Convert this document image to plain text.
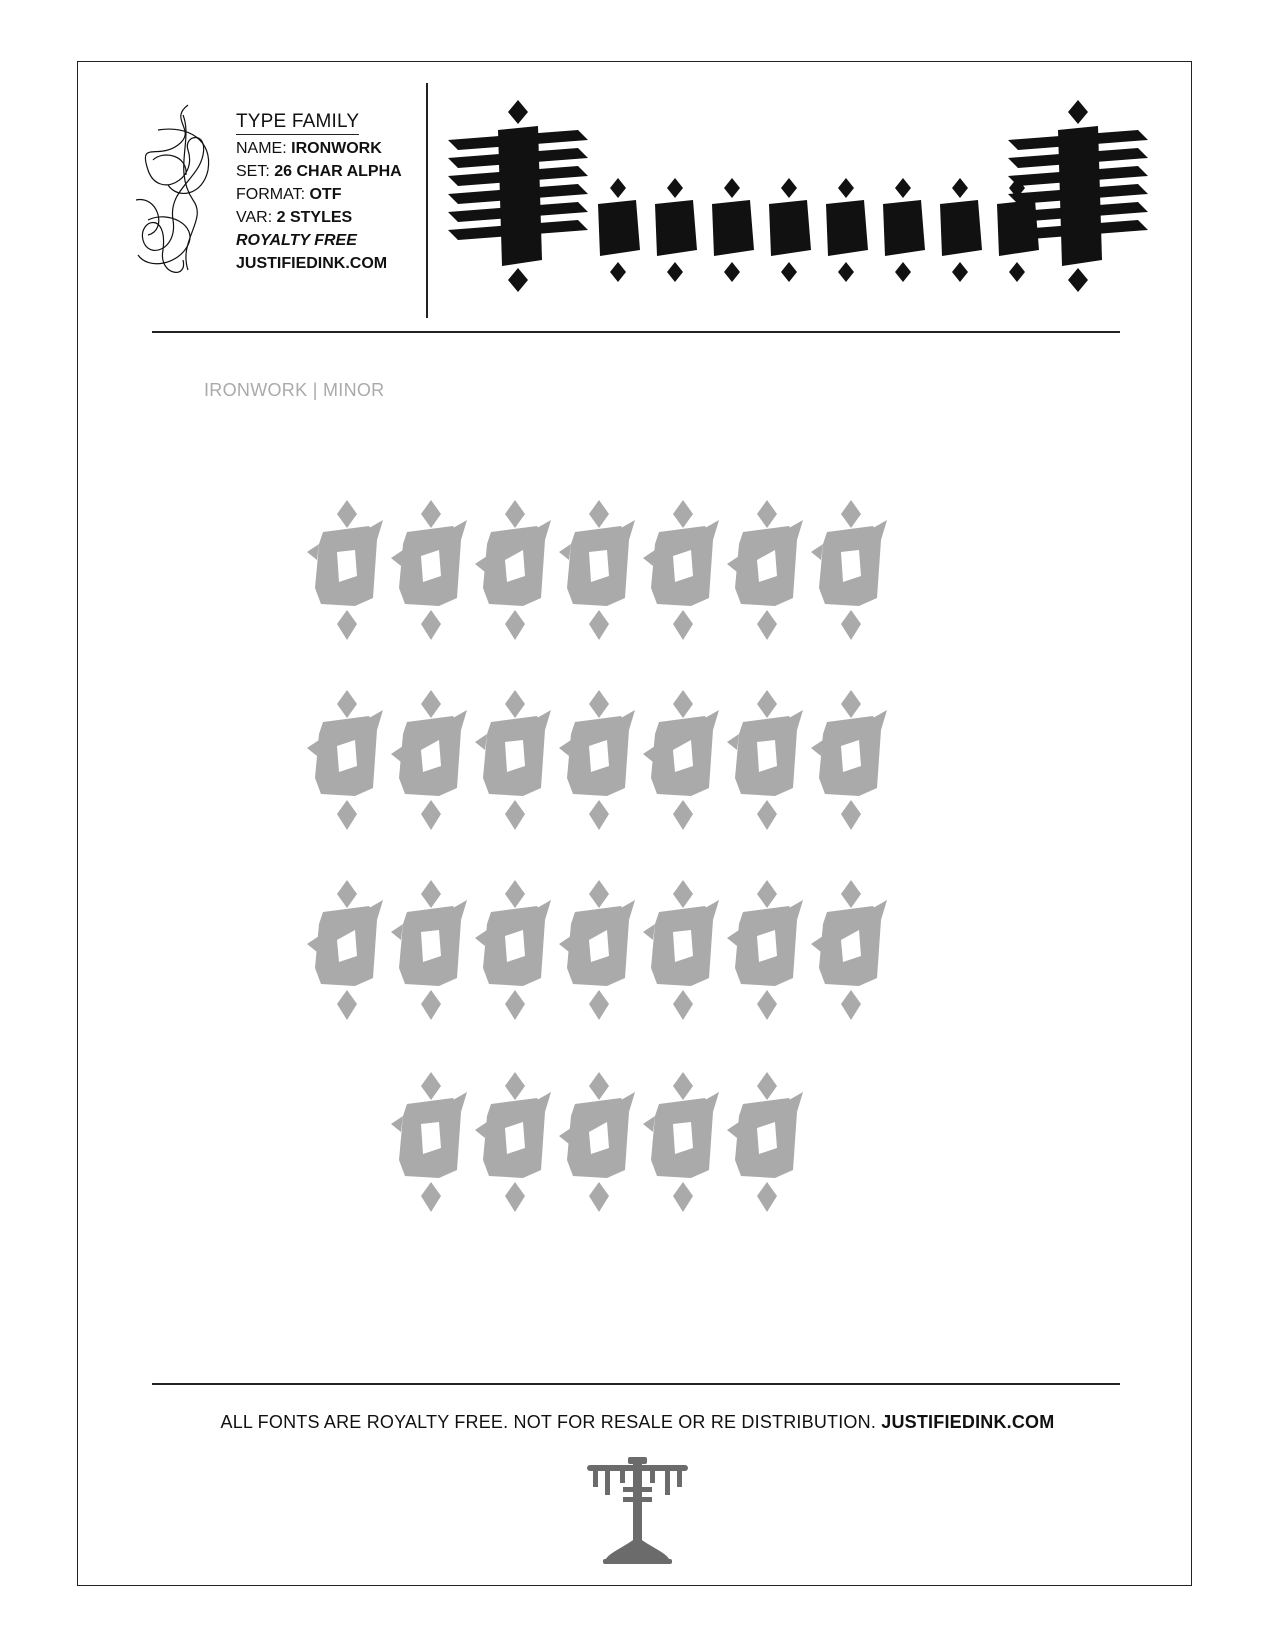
TYPE FAMILY
NAME: IRONWORK
SET: 26 CHAR ALPHA
FORMAT: OTF
VAR: 2 STYLES
ROYALTY FREE
JUSTIFIEDINK.COM
IRONWORK | MINOR
ALL FONTS ARE ROYALTY FREE. NOT FOR RESALE OR RE DISTRIBUTION. JUSTIFIEDINK.COM
